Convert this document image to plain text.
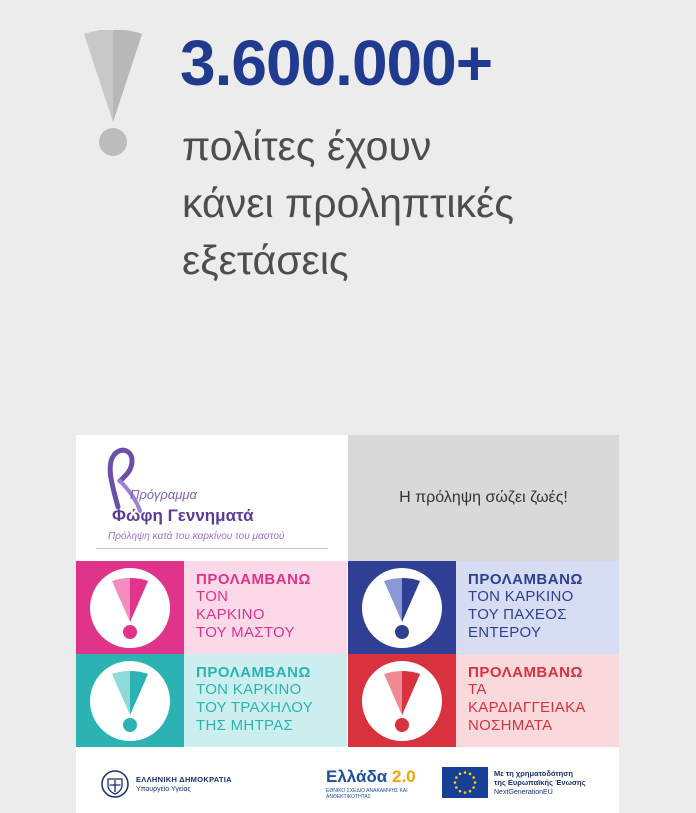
3.600.000+
πολίτες έχουν
κάνει προληπτικές
εξετάσεις
Πρόγραμμα
Φώφη Γεννηματά
Πρόληψη κατά του καρκίνου του μαστού
Η πρόληψη σώζει ζωές!
ΠΡΟΛΑΜΒΑΝΩ
ΤΟΝ
ΚΑΡΚΙΝΟ
ΤΟΥ ΜΑΣΤΟΥ
ΠΡΟΛΑΜΒΑΝΩ
ΤΟΝ ΚΑΡΚΙΝΟ
ΤΟΥ ΠΑΧΕΟΣ
ΕΝΤΕΡΟΥ
ΠΡΟΛΑΜΒΑΝΩ
ΤΟΝ ΚΑΡΚΙΝΟ
ΤΟΥ ΤΡΑΧΗΛΟΥ
ΤΗΣ ΜΗΤΡΑΣ
ΠΡΟΛΑΜΒΑΝΩ
ΤΑ
ΚΑΡΔΙΑΓΓΕΙΑΚΑ
ΝΟΣΗΜΑΤΑ
ΕΛΛΗΝΙΚΗ ΔΗΜΟΚΡΑΤΙΑ
Υπουργείο Υγείας
Ελλάδα 2.0
ΕΘΝΙΚΟ ΣΧΕΔΙΟ ΑΝΑΚΑΜΨΗΣ ΚΑΙ ΑΝΘΕΚΤΙΚΟΤΗΤΑΣ
Με τη χρηματοδότηση
της Ευρωπαϊκής Ένωσης
NextGenerationEU
